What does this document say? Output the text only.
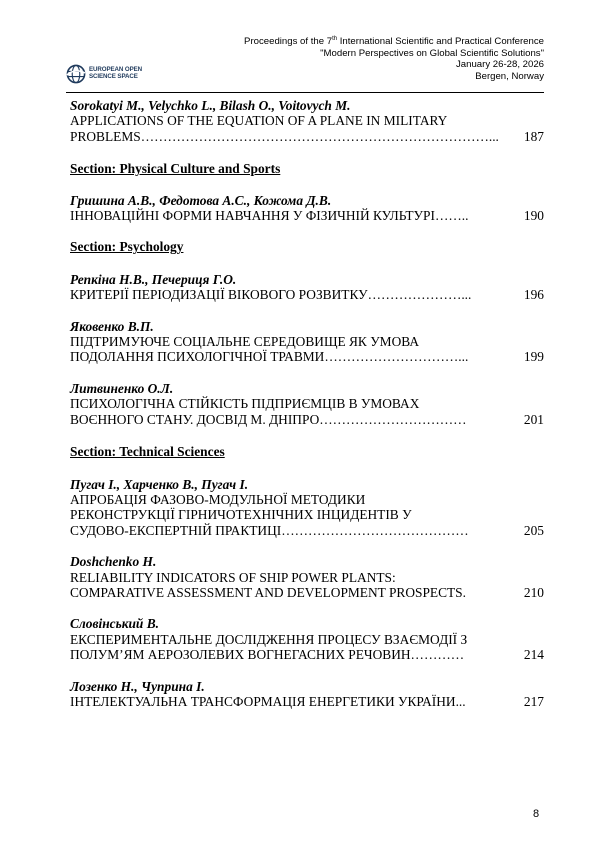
EUROPEAN OPEN
SCIENCE SPACE
Proceedings of the 7th International Scientific and Practical Conference
"Modern Perspectives on Global Scientific Solutions"
January 26-28, 2026
Bergen, Norway
Sorokatyi M., Velychko L., Bilash O., Voitovych M.
APPLICATIONS OF THE EQUATION OF A PLANE IN MILITARY
PROBLEMS……………………………………………………………………... 187
Section: Physical Culture and Sports
Гришина А.В., Федотова А.С., Кожома Д.В.
ІННОВАЦІЙНІ ФОРМИ НАВЧАННЯ У ФІЗИЧНІЙ КУЛЬТУРІ……..	190
Section: Psychology
Репкіна Н.В., Печериця Г.О.
КРИТЕРІЇ ПЕРІОДИЗАЦІЇ ВІКОВОГО РОЗВИТКУ…………………...	196
Яковенко В.П.
ПІДТРИМУЮЧЕ СОЦІАЛЬНЕ СЕРЕДОВИЩЕ ЯК УМОВА
ПОДОЛАННЯ ПСИХОЛОГІЧНОЇ ТРАВМИ…………………………...	199
Литвиненко О.Л.
ПСИХОЛОГІЧНА СТІЙКІСТЬ ПІДПРИЄМЦІВ В УМОВАХ
ВОЄННОГО СТАНУ. ДОСВІД М. ДНІПРО……………………………	201
Section: Technical Sciences
Пугач І., Харченко В., Пугач І.
АПРОБАЦІЯ ФАЗОВО-МОДУЛЬНОЇ МЕТОДИКИ
РЕКОНСТРУКЦІЇ ГІРНИЧОТЕХНІЧНИХ ІНЦИДЕНТІВ У
СУДОВО-ЕКСПЕРТНІЙ ПРАКТИЦІ……………………………………	205
Doshchenko H.
RELIABILITY INDICATORS OF SHIP POWER PLANTS:
COMPARATIVE ASSESSMENT AND DEVELOPMENT PROSPECTS.	210
Словінський В.
ЕКСПЕРИМЕНТАЛЬНЕ ДОСЛІДЖЕННЯ ПРОЦЕСУ ВЗАЄМОДІЇ З
ПОЛУМ’ЯМ АЕРОЗОЛЕВИХ ВОГНЕГАСНИХ РЕЧОВИН…………	214
Лозенко Н., Чуприна І.
ІНТЕЛЕКТУАЛЬНА ТРАНСФОРМАЦІЯ ЕНЕРГЕТИКИ УКРАЇНИ...	217
8
